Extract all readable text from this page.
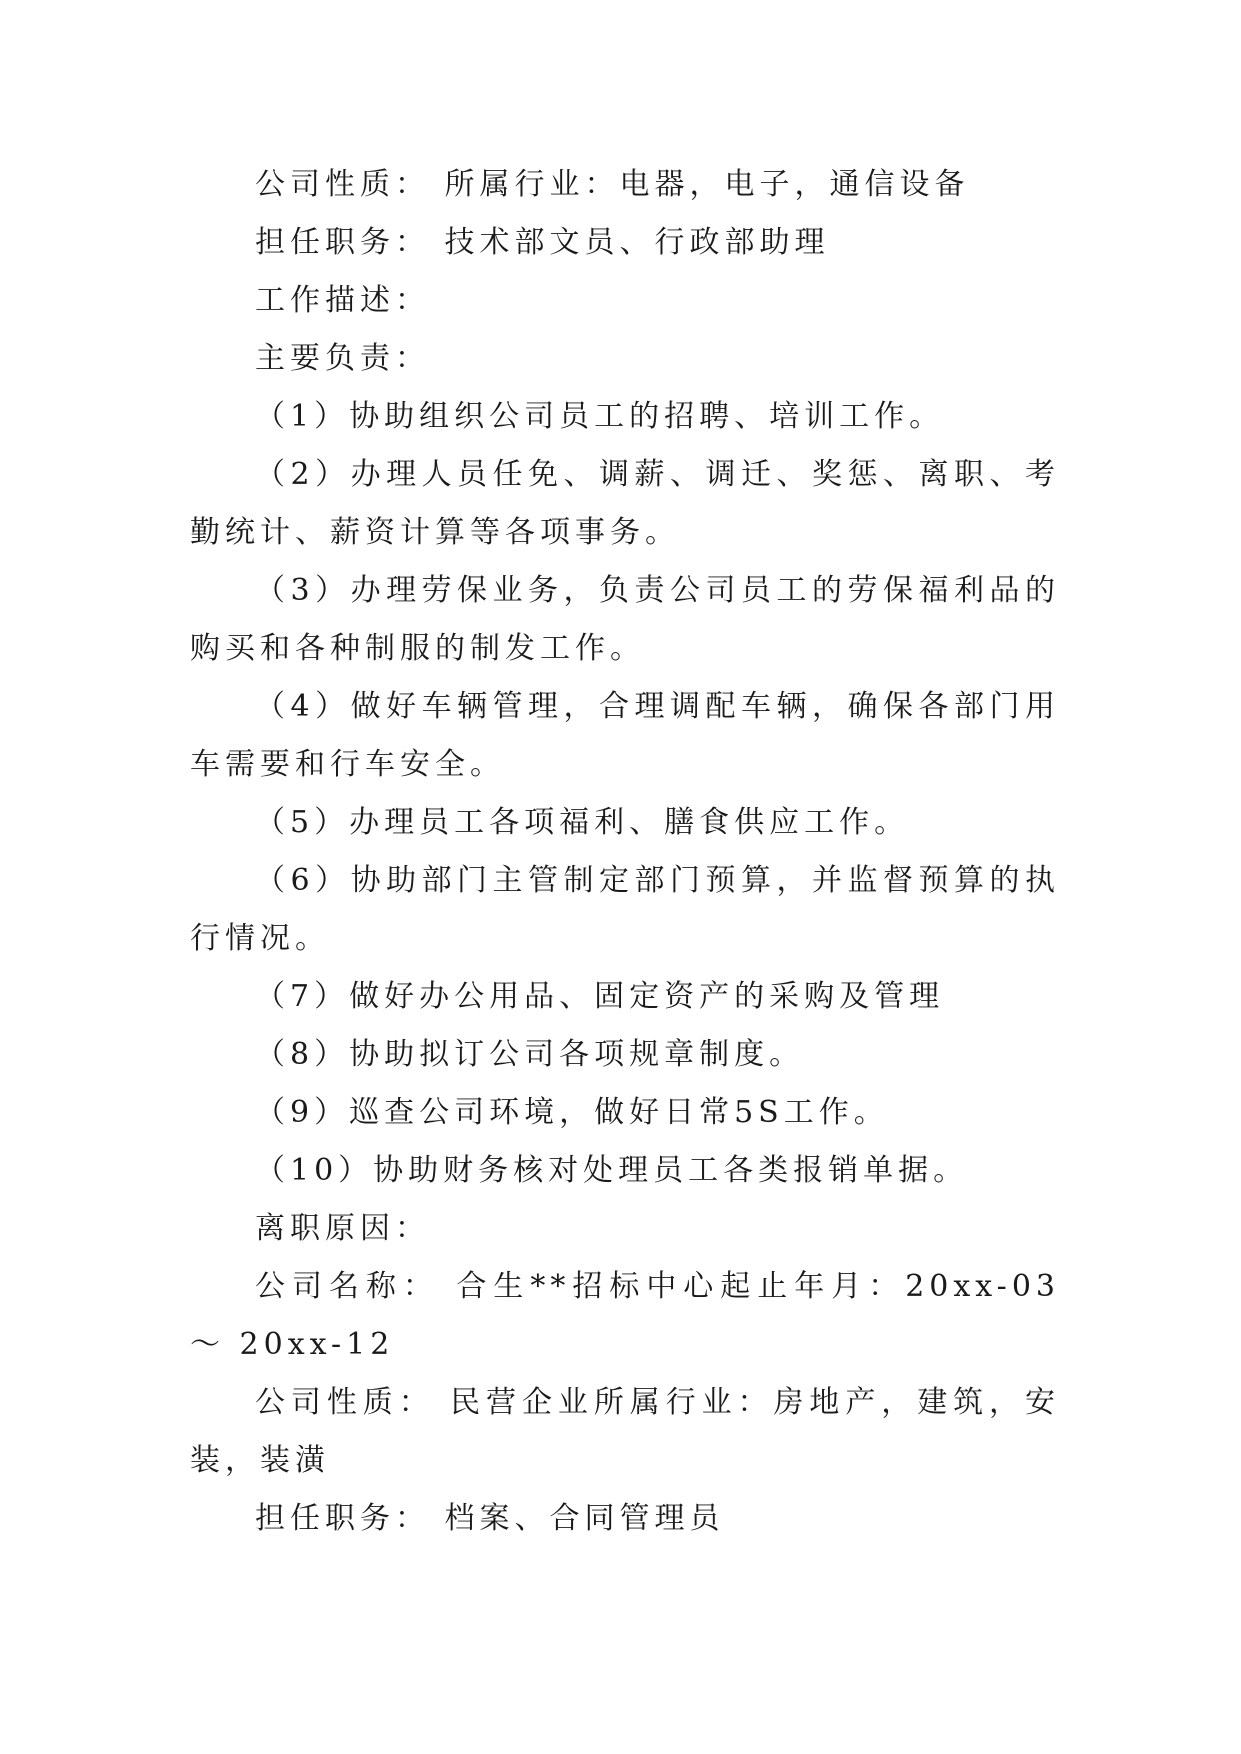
公司性质： 所属行业：电器，电子，通信设备

担任职务： 技术部文员、行政部助理

工作描述：

主要负责：

（1）协助组织公司员工的招聘、培训工作。

（2）办理人员任免、调薪、调迁、奖惩、离职、考勤统计、薪资计算等各项事务。

（3）办理劳保业务，负责公司员工的劳保福利品的购买和各种制服的制发工作。

（4）做好车辆管理，合理调配车辆，确保各部门用车需要和行车安全。

（5）办理员工各项福利、膳食供应工作。

（6）协助部门主管制定部门预算，并监督预算的执行情况。

（7）做好办公用品、固定资产的采购及管理

（8）协助拟订公司各项规章制度。

（9）巡查公司环境，做好日常5S工作。

（10）协助财务核对处理员工各类报销单据。

离职原因：

公司名称： 合生**招标中心起止年月：20xx-03 ～ 20xx-12

公司性质： 民营企业所属行业：房地产，建筑，安装，装潢

担任职务： 档案、合同管理员
